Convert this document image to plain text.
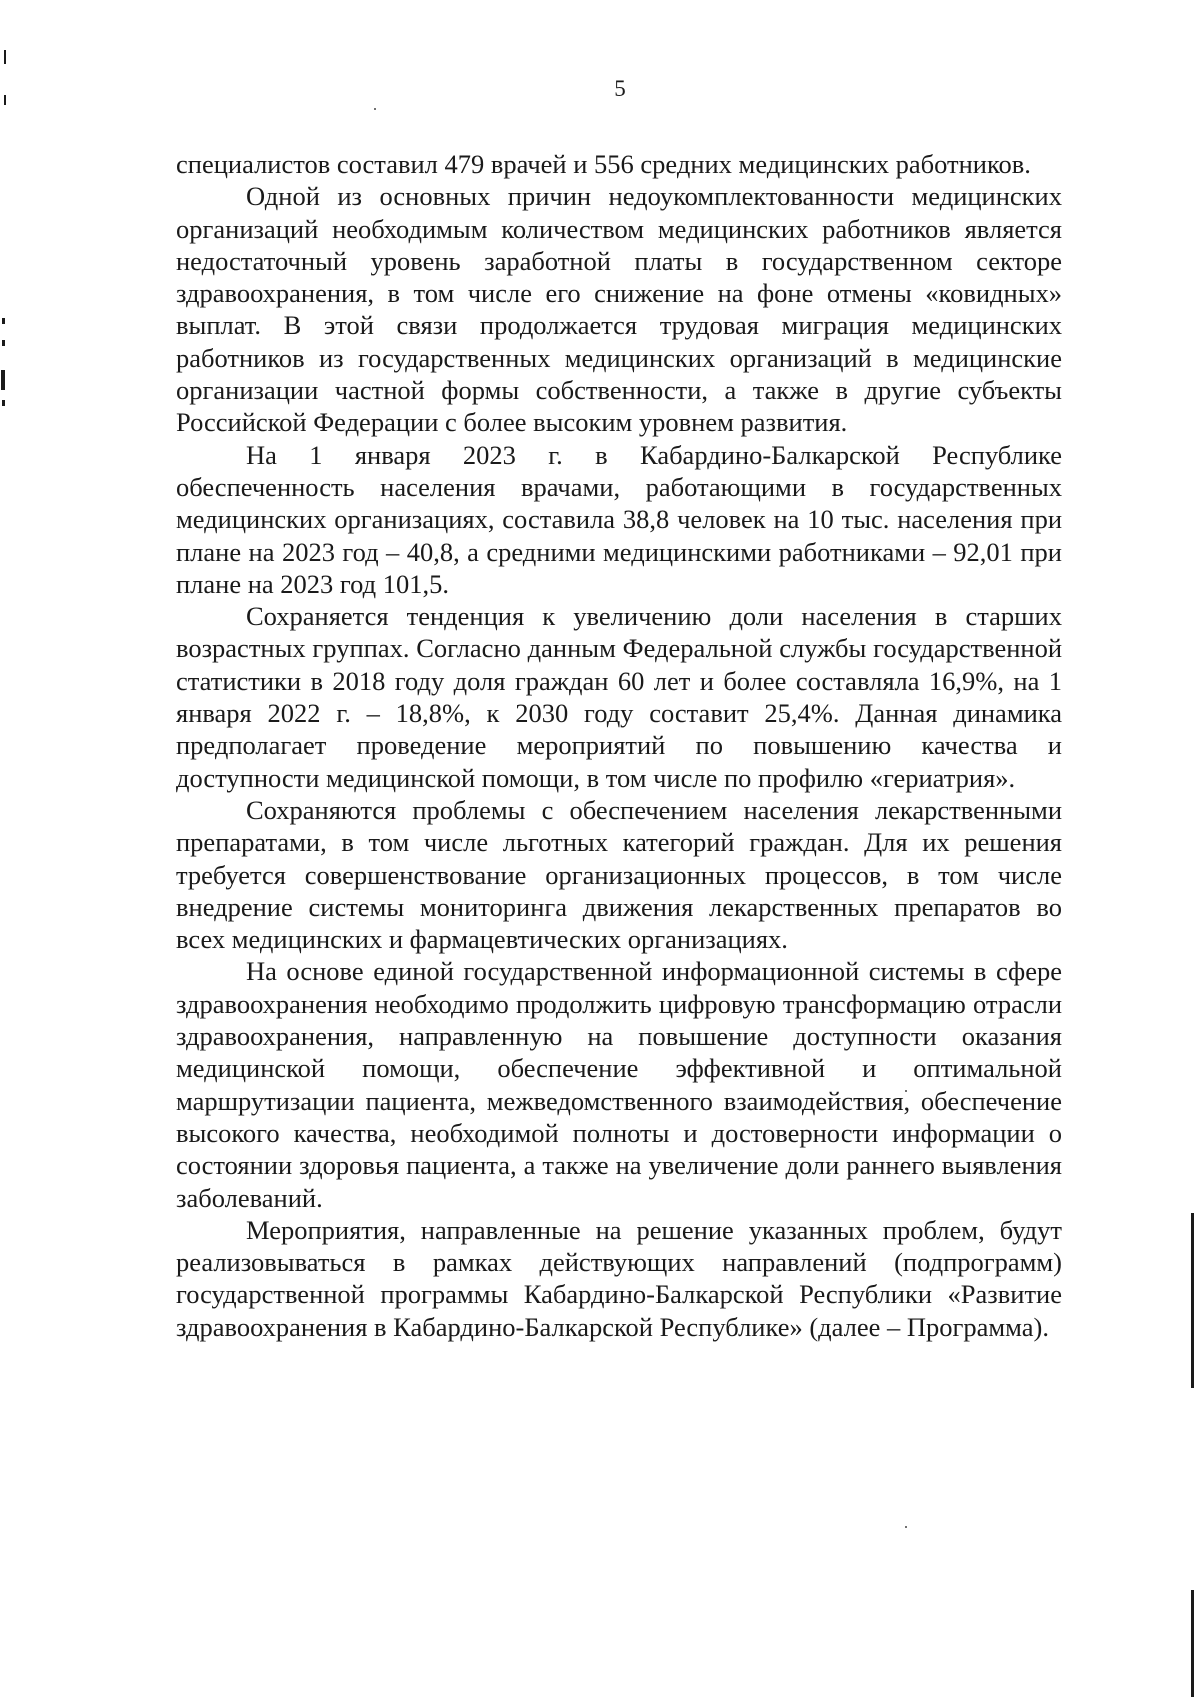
5

специалистов составил 479 врачей и 556 средних медицинских работников.

Одной из основных причин недоукомплектованности медицинских организаций необходимым количеством медицинских работников является недостаточный уровень заработной платы в государственном секторе здравоохранения, в том числе его снижение на фоне отмены «ковидных» выплат. В этой связи продолжается трудовая миграция медицинских работников из государственных медицинских организаций в медицинские организации частной формы собственности, а также в другие субъекты Российской Федерации с более высоким уровнем развития.

На 1 января 2023 г. в Кабардино-Балкарской Республике обеспеченность населения врачами, работающими в государственных медицинских организациях, составила 38,8 человек на 10 тыс. населения при плане на 2023 год – 40,8, а средними медицинскими работниками – 92,01 при плане на 2023 год 101,5.

Сохраняется тенденция к увеличению доли населения в старших возрастных группах. Согласно данным Федеральной службы государственной статистики в 2018 году доля граждан 60 лет и более составляла 16,9%, на 1 января 2022 г. – 18,8%, к 2030 году составит 25,4%. Данная динамика предполагает проведение мероприятий по повышению качества и доступности медицинской помощи, в том числе по профилю «гериатрия».

Сохраняются проблемы с обеспечением населения лекарственными препаратами, в том числе льготных категорий граждан. Для их решения требуется совершенствование организационных процессов, в том числе внедрение системы мониторинга движения лекарственных препаратов во всех медицинских и фармацевтических организациях.

На основе единой государственной информационной системы в сфере здравоохранения необходимо продолжить цифровую трансформацию отрасли здравоохранения, направленную на повышение доступности оказания медицинской помощи, обеспечение эффективной и оптимальной маршрутизации пациента, межведомственного взаимодействия, обеспечение высокого качества, необходимой полноты и достоверности информации о состоянии здоровья пациента, а также на увеличение доли раннего выявления заболеваний.

Мероприятия, направленные на решение указанных проблем, будут реализовываться в рамках действующих направлений (подпрограмм) государственной программы Кабардино-Балкарской Республики «Развитие здравоохранения в Кабардино-Балкарской Республике» (далее – Программа).
